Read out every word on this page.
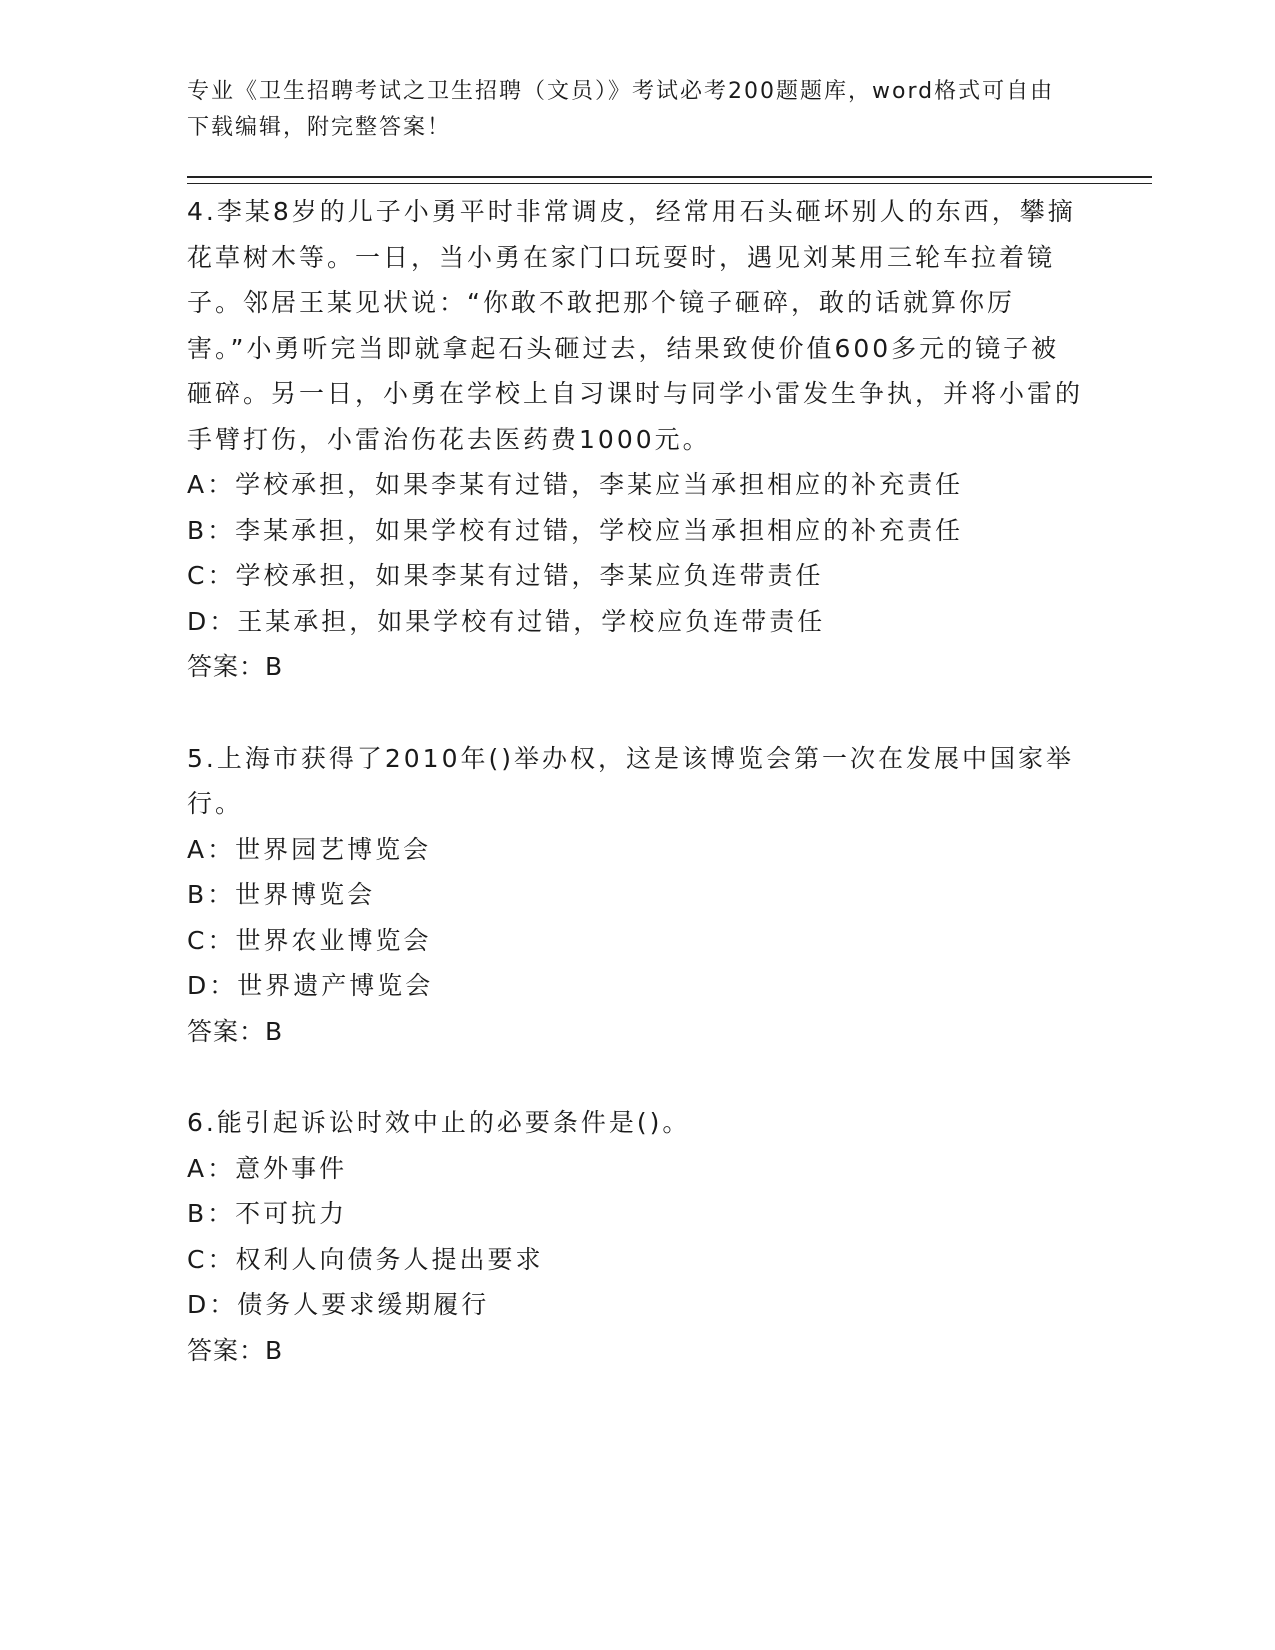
专业《卫生招聘考试之卫生招聘（文员）》考试必考200题题库，word格式可自由下载编辑，附完整答案！
4.李某8岁的儿子小勇平时非常调皮，经常用石头砸坏别人的东西，攀摘花草树木等。一日，当小勇在家门口玩耍时，遇见刘某用三轮车拉着镜子。邻居王某见状说：“你敢不敢把那个镜子砸碎，敢的话就算你厉害。”小勇听完当即就拿起石头砸过去，结果致使价值600多元的镜子被砸碎。另一日，小勇在学校上自习课时与同学小雷发生争执，并将小雷的手臂打伤，小雷治伤花去医药费1000元。
A：学校承担，如果李某有过错，李某应当承担相应的补充责任
B：李某承担，如果学校有过错，学校应当承担相应的补充责任
C：学校承担，如果李某有过错，李某应负连带责任
D：王某承担，如果学校有过错，学校应负连带责任
答案：B
5.上海市获得了2010年()举办权，这是该博览会第一次在发展中国家举行。
A：世界园艺博览会
B：世界博览会
C：世界农业博览会
D：世界遗产博览会
答案：B
6.能引起诉讼时效中止的必要条件是()。
A：意外事件
B：不可抗力
C：权利人向债务人提出要求
D：债务人要求缓期履行
答案：B
